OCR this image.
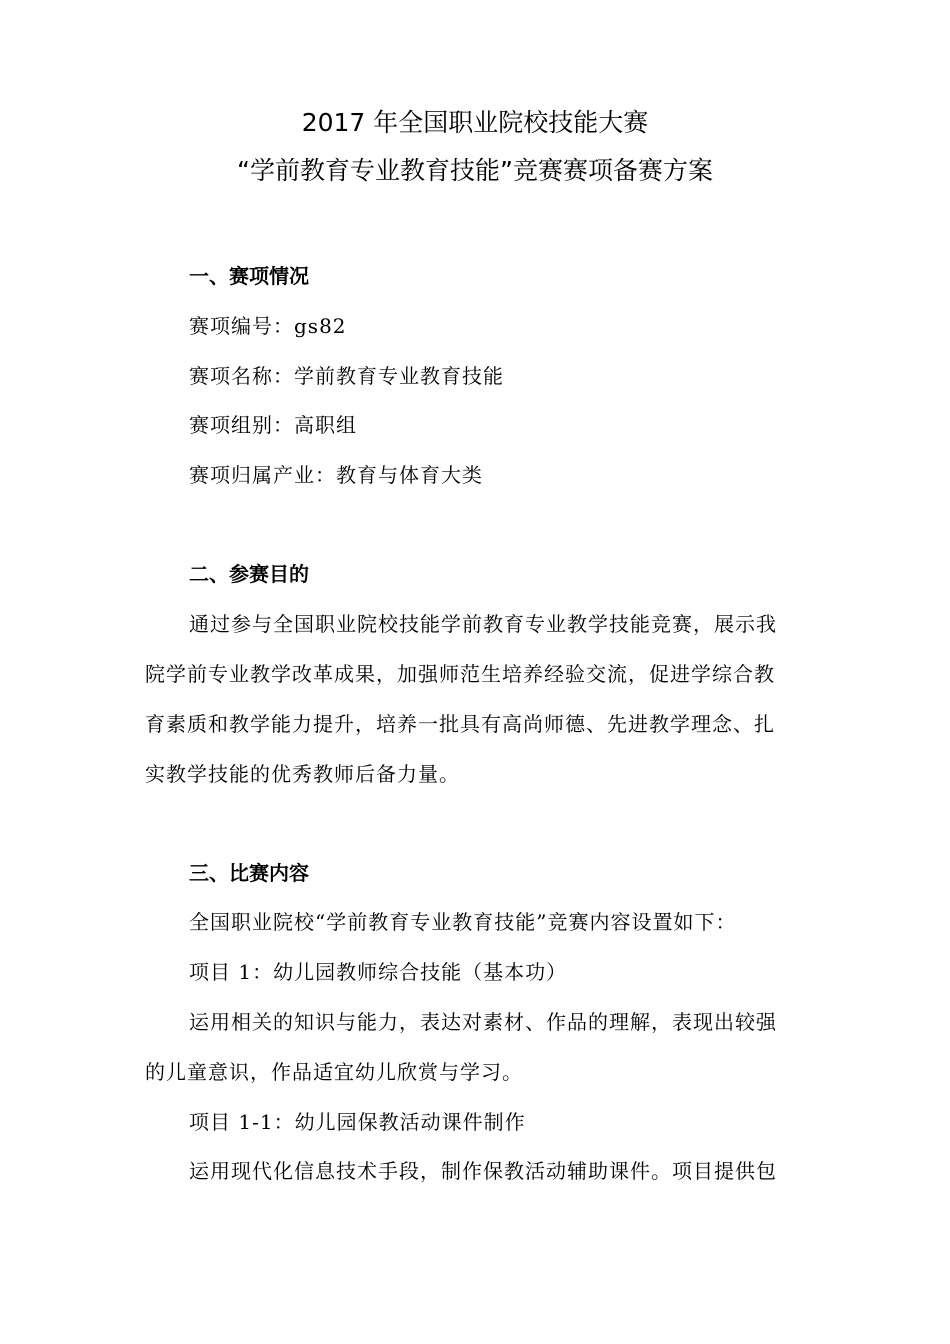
2017 年全国职业院校技能大赛
“学前教育专业教育技能”竞赛赛项备赛方案
一、赛项情况
赛项编号：gs82
赛项名称：学前教育专业教育技能
赛项组别：高职组
赛项归属产业：教育与体育大类
二、参赛目的
通过参与全国职业院校技能学前教育专业教学技能竞赛，展示我
院学前专业教学改革成果，加强师范生培养经验交流，促进学综合教
育素质和教学能力提升，培养一批具有高尚师德、先进教学理念、扎
实教学技能的优秀教师后备力量。
三、比赛内容
全国职业院校“学前教育专业教育技能”竞赛内容设置如下：
项目 1：幼儿园教师综合技能（基本功）
运用相关的知识与能力，表达对素材、作品的理解，表现出较强
的儿童意识，作品适宜幼儿欣赏与学习。
项目 1-1：幼儿园保教活动课件制作
运用现代化信息技术手段，制作保教活动辅助课件。项目提供包
